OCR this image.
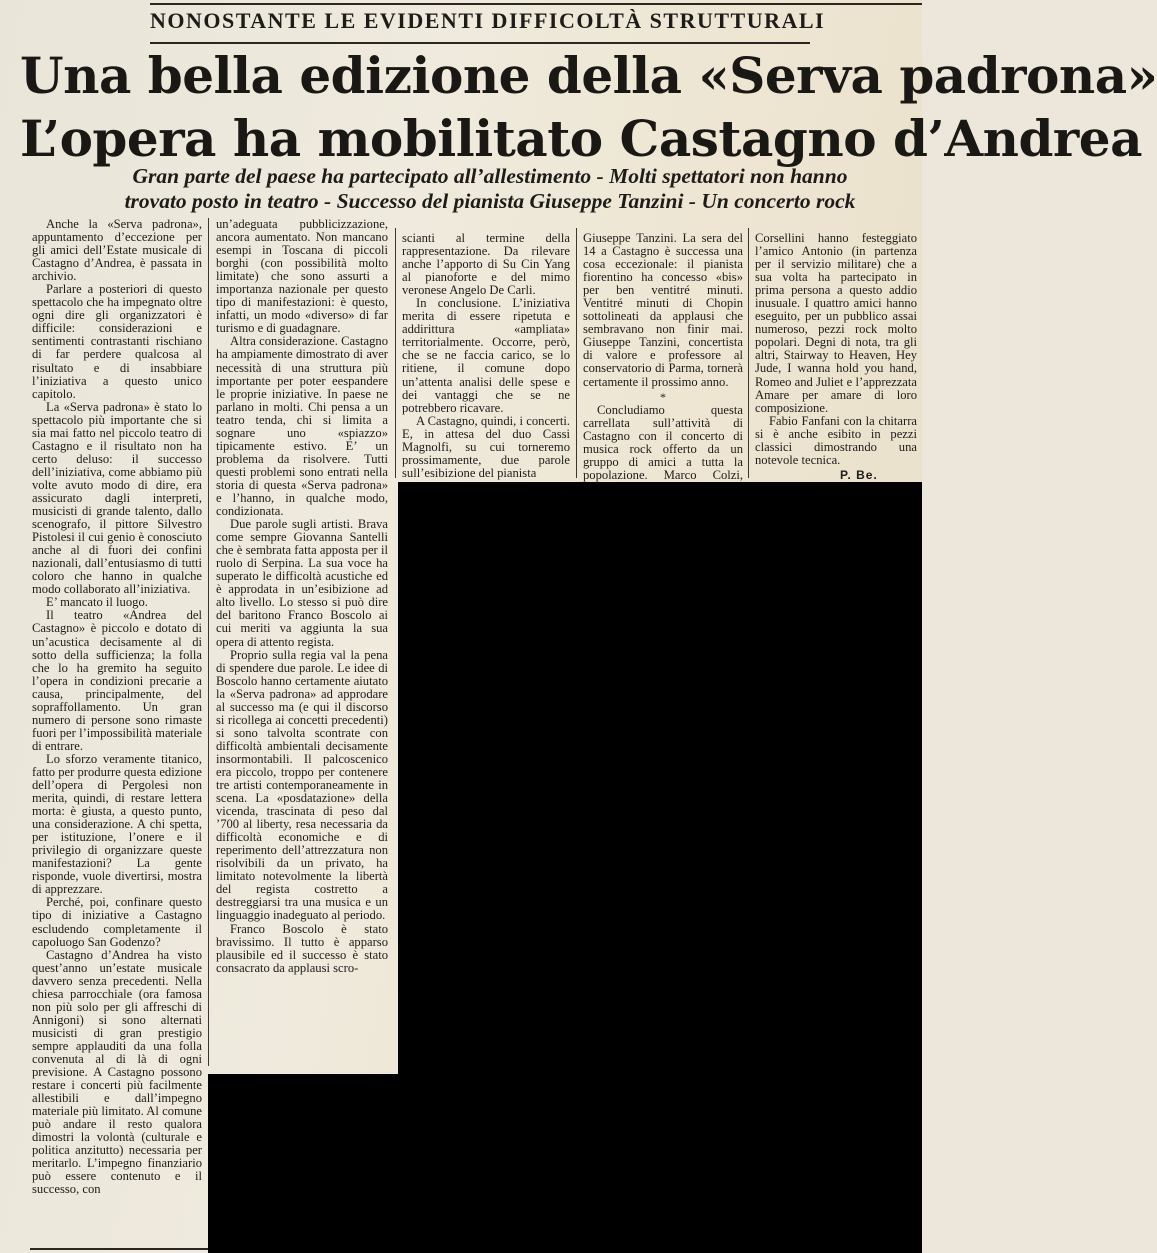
NONOSTANTE LE EVIDENTI DIFFICOLTÀ STRUTTURALI
Una bella edizione della «Serva padrona»
L’opera ha mobilitato Castagno d’Andrea
Gran parte del paese ha partecipato all’allestimento - Molti spettatori non hanno
trovato posto in teatro - Successo del pianista Giuseppe Tanzini - Un concerto rock

Anche la «Serva padrona», appuntamento d’eccezione per gli amici dell’Estate musicale di Castagno d’Andrea, è passata in archivio.

Parlare a posteriori di questo spettacolo che ha impegnato oltre ogni dire gli organizzatori è difficile: considerazioni e sentimenti contrastanti rischiano di far perdere qualcosa al risultato e di insabbiare l’iniziativa a questo unico capitolo.

La «Serva padrona» è stato lo spettacolo più importante che si sia mai fatto nel piccolo teatro di Castagno e il risultato non ha certo deluso: il successo dell’iniziativa, come abbiamo più volte avuto modo di dire, era assicurato dagli interpreti, musicisti di grande talento, dallo scenografo, il pittore Silvestro Pistolesi il cui genio è conosciuto anche al di fuori dei confini nazionali, dall’entusiasmo di tutti coloro che hanno in qualche modo collaborato all’iniziativa.

E’ mancato il luogo.

Il teatro «Andrea del Castagno» è piccolo e dotato di un’acustica decisamente al di sotto della sufficienza; la folla che lo ha gremito ha seguito l’opera in condizioni precarie a causa, principalmente, del sopraffollamento. Un gran numero di persone sono rimaste fuori per l’impossibilità materiale di entrare.

Lo sforzo veramente titanico, fatto per produrre questa edizione dell’opera di Pergolesi non merita, quindi, di restare lettera morta: è giusta, a questo punto, una considerazione. A chi spetta, per istituzione, l’onere e il privilegio di organizzare queste manifestazioni? La gente risponde, vuole divertirsi, mostra di apprezzare.

Perché, poi, confinare questo tipo di iniziative a Castagno escludendo completamente il capoluogo San Godenzo?

Castagno d’Andrea ha visto quest’anno un’estate musicale davvero senza precedenti. Nella chiesa parrocchiale (ora famosa non più solo per gli affreschi di Annigoni) si sono alternati musicisti di gran prestigio sempre applauditi da una folla convenuta al di là di ogni previsione. A Castagno possono restare i concerti più facilmente allestibili e dall’impegno materiale più limitato. Al comune può andare il resto qualora dimostri la volontà (culturale e politica anzitutto) necessaria per meritarlo. L’impegno finanziario può essere contenuto e il successo, con

un’adeguata pubblicizzazione, ancora aumentato. Non mancano esempi in Toscana di piccoli borghi (con possibilità molto limitate) che sono assurti a importanza nazionale per questo tipo di manifestazioni: è questo, infatti, un modo «diverso» di far turismo e di guadagnare.

Altra considerazione. Castagno ha ampiamente dimostrato di aver necessità di una struttura più importante per poter eespandere le proprie iniziative. In paese ne parlano in molti. Chi pensa a un teatro tenda, chi si limita a sognare uno «spiazzo» tipicamente estivo. E’ un problema da risolvere. Tutti questi problemi sono entrati nella storia di questa «Serva padrona» e l’hanno, in qualche modo, condizionata.

Due parole sugli artisti. Brava come sempre Giovanna Santelli che è sembrata fatta apposta per il ruolo di Serpina. La sua voce ha superato le difficoltà acustiche ed è approdata in un’esibizione ad alto livello. Lo stesso si può dire del baritono Franco Boscolo ai cui meriti va aggiunta la sua opera di attento regista.

Proprio sulla regia val la pena di spendere due parole. Le idee di Boscolo hanno certamente aiutato la «Serva padrona» ad approdare al successo ma (e qui il discorso si ricollega ai concetti precedenti) si sono talvolta scontrate con difficoltà ambientali decisamente insormontabili. Il palcoscenico era piccolo, troppo per contenere tre artisti contemporaneamente in scena. La «posdatazione» della vicenda, trascinata di peso dal ’700 al liberty, resa necessaria da difficoltà economiche e di reperimento dell’attrezzatura non risolvibili da un privato, ha limitato notevolmente la libertà del regista costretto a destreggiarsi tra una musica e un linguaggio inadeguato al periodo.

Franco Boscolo è stato bravissimo. Il tutto è apparso plausibile ed il successo è stato consacrato da applausi scro-

scianti al termine della rappresentazione. Da rilevare anche l’apporto di Su Cin Yang al pianoforte e del mimo veronese Angelo De Carli.

In conclusione. L’iniziativa merita di essere ripetuta e addirittura «ampliata» territorialmente. Occorre, però, che se ne faccia carico, se lo ritiene, il comune dopo un’attenta analisi delle spese e dei vantaggi che se ne potrebbero ricavare.

A Castagno, quindi, i concerti. E, in attesa del duo Cassi Magnolfi, su cui torneremo prossimamente, due parole sull’esibizione del pianista

Giuseppe Tanzini. La sera del 14 a Castagno è successa una cosa eccezionale: il pianista fiorentino ha concesso «bis» per ben ventitré minuti. Ventitré minuti di Chopin sottolineati da applausi che sembravano non finir mai. Giuseppe Tanzini, concertista di valore e professore al conservatorio di Parma, tornerà certamente il prossimo anno.

*

Concludiamo questa carrellata sull’attività di Castagno con il concerto di musica rock offerto da un gruppo di amici a tutta la popolazione. Marco Colzi,

Corsellini hanno festeggiato l’amico Antonio (in partenza per il servizio militare) che a sua volta ha partecipato in prima persona a questo addio inusuale. I quattro amici hanno eseguito, per un pubblico assai numeroso, pezzi rock molto popolari. Degni di nota, tra gli altri, Stairway to Heaven, Hey Jude, I wanna hold you hand, Romeo and Juliet e l’apprezzata Amare per amare di loro composizione.

Fabio Fanfani con la chitarra si è anche esibito in pezzi classici dimostrando una notevole tecnica.

P. Be.
